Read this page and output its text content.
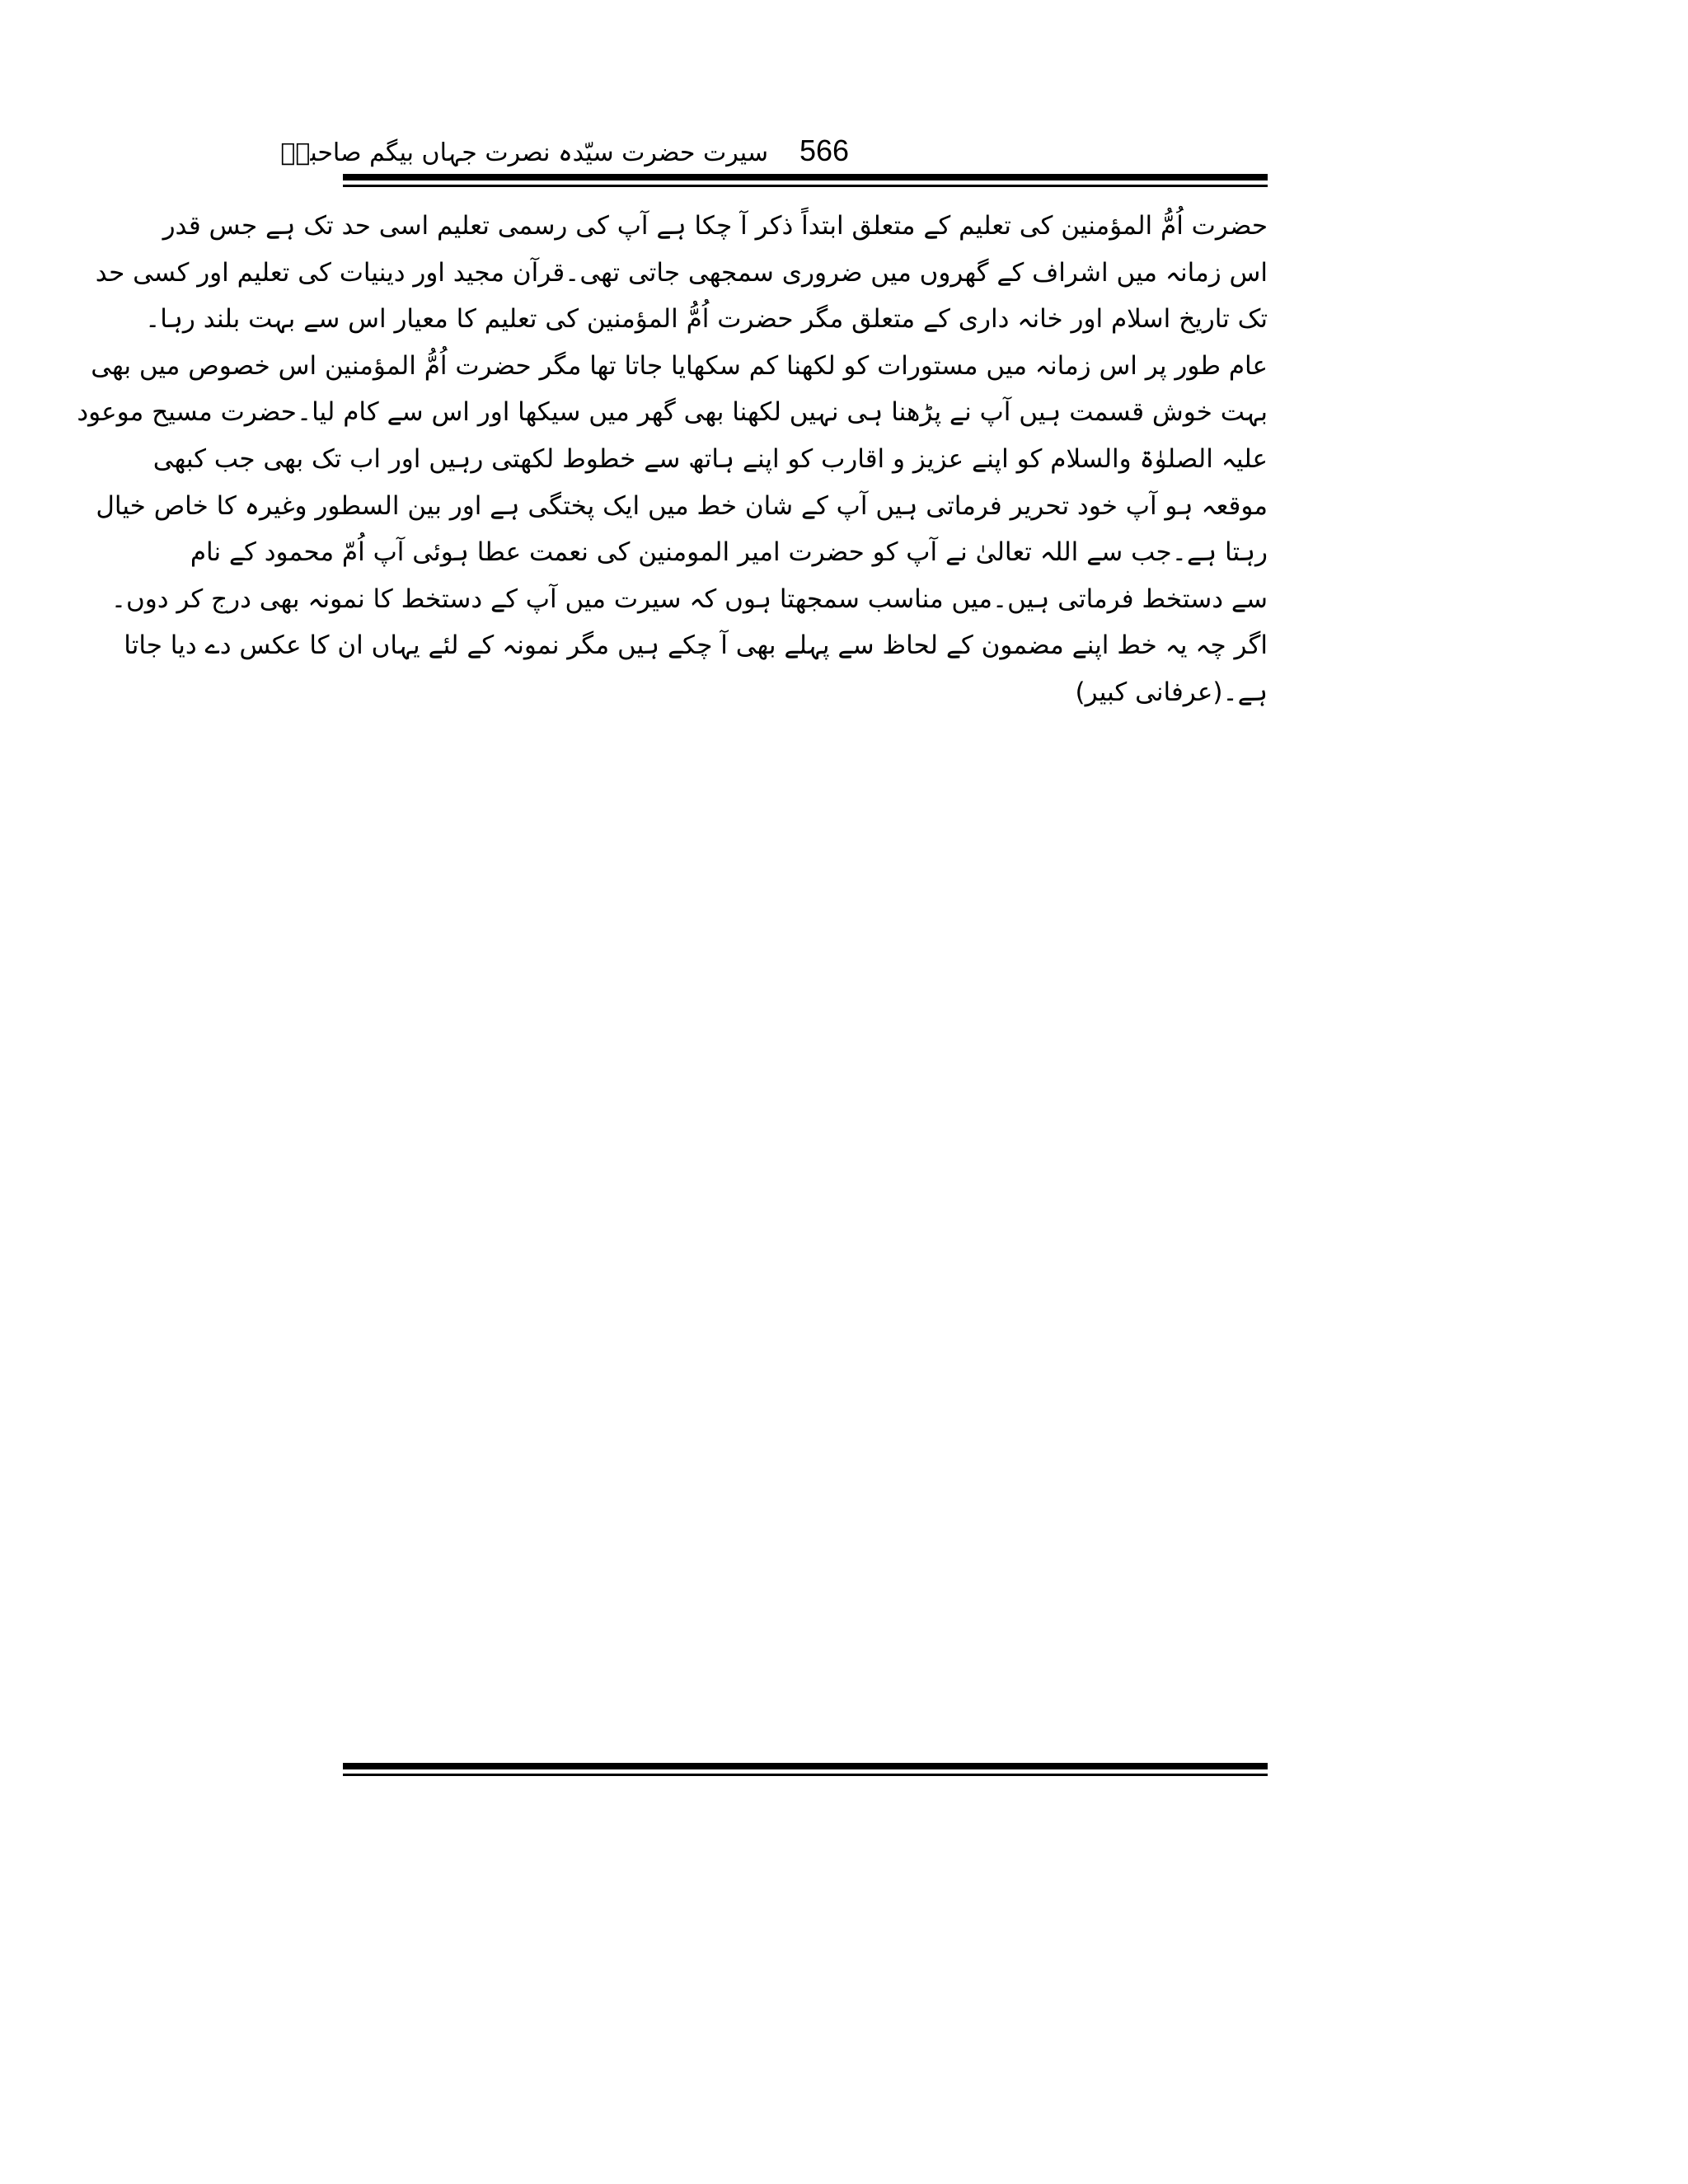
سیرت حضرت سیّدہ نصرت جہاں بیگم صاحبہؓ	566
حضرت اُمُّ المؤمنین کی تعلیم کے متعلق ابتداً ذکر آ چکا ہے آپ کی رسمی تعلیم اسی حد تک ہے جس قدر
اس زمانہ میں اشراف کے گھروں میں ضروری سمجھی جاتی تھی۔قرآن مجید اور دینیات کی تعلیم اور کسی حد
تک تاریخ اسلام اور خانہ داری کے متعلق مگر حضرت اُمُّ المؤمنین کی تعلیم کا معیار اس سے بہت بلند رہا۔
عام طور پر اس زمانہ میں مستورات کو لکھنا کم سکھایا جاتا تھا مگر حضرت اُمُّ المؤمنین اس خصوص میں بھی
بہت خوش قسمت ہیں آپ نے پڑھنا ہی نہیں لکھنا بھی گھر میں سیکھا اور اس سے کام لیا۔حضرت مسیح موعود
علیہ الصلوٰۃ والسلام کو اپنے عزیز و اقارب کو اپنے ہاتھ سے خطوط لکھتی رہیں اور اب تک بھی جب کبھی
موقعہ ہو آپ خود تحریر فرماتی ہیں آپ کے شان خط میں ایک پختگی ہے اور بین السطور وغیرہ کا خاص خیال
رہتا ہے۔جب سے اللہ تعالیٰ نے آپ کو حضرت امیر المومنین کی نعمت عطا ہوئی آپ اُمّ محمود کے نام
سے دستخط فرماتی ہیں۔میں مناسب سمجھتا ہوں کہ سیرت میں آپ کے دستخط کا نمونہ بھی درج کر دوں۔
اگر چہ یہ خط اپنے مضمون کے لحاظ سے پہلے بھی آ چکے ہیں مگر نمونہ کے لئے یہاں ان کا عکس دے دیا جاتا
ہے۔(عرفانی کبیر)
